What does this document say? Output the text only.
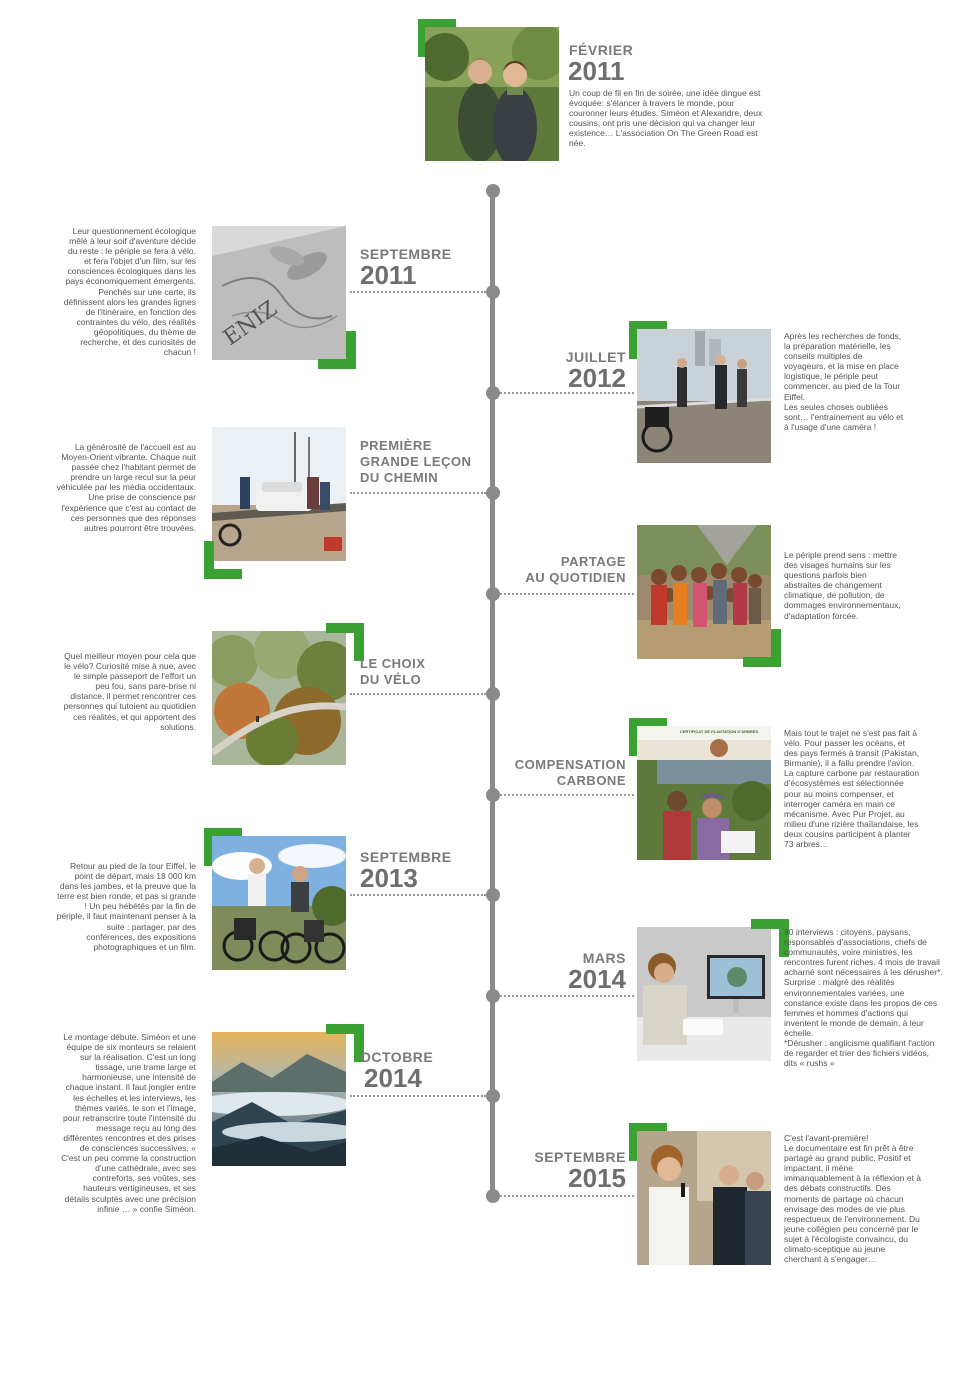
FÉVRIER
2011
Un coup de fil en fin de soirée, une idée dingue est évoquée: s'élancer à travers le monde, pour couronner leurs études. Siméon et Alexandre, deux cousins, ont pris une décision qui va changer leur existence… L'association On The Green Road est née.
Leur questionnement écologique mêlé à leur soif d'aventure décide du reste : le périple se fera à vélo, et fera l'objet d'un film, sur les consciences écologiques dans les pays économiquement émergents. Penchés sur une carte, ils définissent alors les grandes lignes de l'itinéraire, en fonction des contraintes du vélo, des réalités géopolitiques, du thème de recherche, et des curiosités de chacun !
ENIZ
SEPTEMBRE
2011
JUILLET
2012
Après les recherches de fonds, la préparation matérielle, les conseils multiples de voyageurs, et la mise en place logistique, le périple peut commencer, au pied de la Tour Eiffel.
Les seules choses oubliées sont… l'entrainement au vélo et à l'usage d'une caméra !
La générosité de l'accueil est au Moyen-Orient vibrante. Chaque nuit passée chez l'habitant permet de prendre un large recul sur la peur véhiculée par les média occidentaux. Une prise de conscience par l'expérience que c'est au contact de ces personnes que des réponses autres pourront être trouvées.
PREMIÈRE
GRANDE LEÇON
DU CHEMIN
PARTAGE
AU QUOTIDIEN
Le périple prend sens : mettre des visages humains sur les questions parfois bien abstraites de changement climatique, de pollution, de dommages environnementaux, d'adaptation forcée.
Quel meilleur moyen pour cela que le vélo? Curiosité mise à nue, avec le simple passeport de l'effort un peu fou, sans pare-brise ni distance, il permet rencontrer ces personnes qui tutoient au quotidien ces réalités, et qui apportent des solutions.
LE CHOIX
DU VÉLO
COMPENSATION
CARBONE
CERTIFICAT DE PLANTATION D'ARBRES	Mais tout le trajet ne s'est pas fait à vélo. Pour passer les océans, et des pays fermés à transit (Pakistan, Birmanie), il a fallu prendre l'avion. La capture carbone par restauration d'écosystèmes est sélectionnée pour au moins compenser, et interroger caméra en main ce mécanisme. Avec Pur Projet, au milieu d'une rizière thaïlandaise, les deux cousins participent à planter 73 arbres…
Retour au pied de la tour Eiffel, le point de départ, mais 18 000 km dans les jambes, et la preuve que la terre est bien ronde, et pas si grande ! Un peu hébétés par la fin de périple, il faut maintenant penser à la suite : partager, par des conférences, des expositions photographiques et un film.
SEPTEMBRE
2013
MARS
2014
90 interviews : citoyens, paysans, responsables d'associations, chefs de communautés, voire ministres, les rencontres furent riches. 4 mois de travail acharné sont nécessaires à les dérusher*. Surprise : malgré des réalités environnementales variées, une constance existe dans les propos de ces femmes et hommes d'actions qui inventent le monde de demain, à leur échelle.
*Dérusher : anglicisme qualifiant l'action de regarder et trier des fichiers vidéos, dits « rushs »
Le montage débute. Siméon et une équipe de six monteurs se relaient sur la réalisation. C'est un long tissage, une trame large et harmonieuse, une intensité de chaque instant. Il faut jongler entre les échelles et les interviews, les thèmes variés, le son et l'image, pour retranscrire toute l'intensité du message reçu au long des différentes rencontres et des prises de consciences successives. « C'est un peu comme la construction d'une cathédrale, avec ses contreforts, ses voûtes, ses hauteurs vertigineuses, et ses détails sculptés avec une précision infinie … » confie Siméon.
OCTOBRE
2014
SEPTEMBRE
2015
C'est l'avant-première!
Le documentaire est fin prêt à être partagé au grand public. Positif et impactant, il mène immanquablement à la réflexion et à des débats constructifs. Des moments de partage où chacun envisage des modes de vie plus respectueux de l'environnement. Du jeune collégien peu concerné par le sujet à l'écologiste convaincu, du climato-sceptique au jeune cherchant à s'engager…
